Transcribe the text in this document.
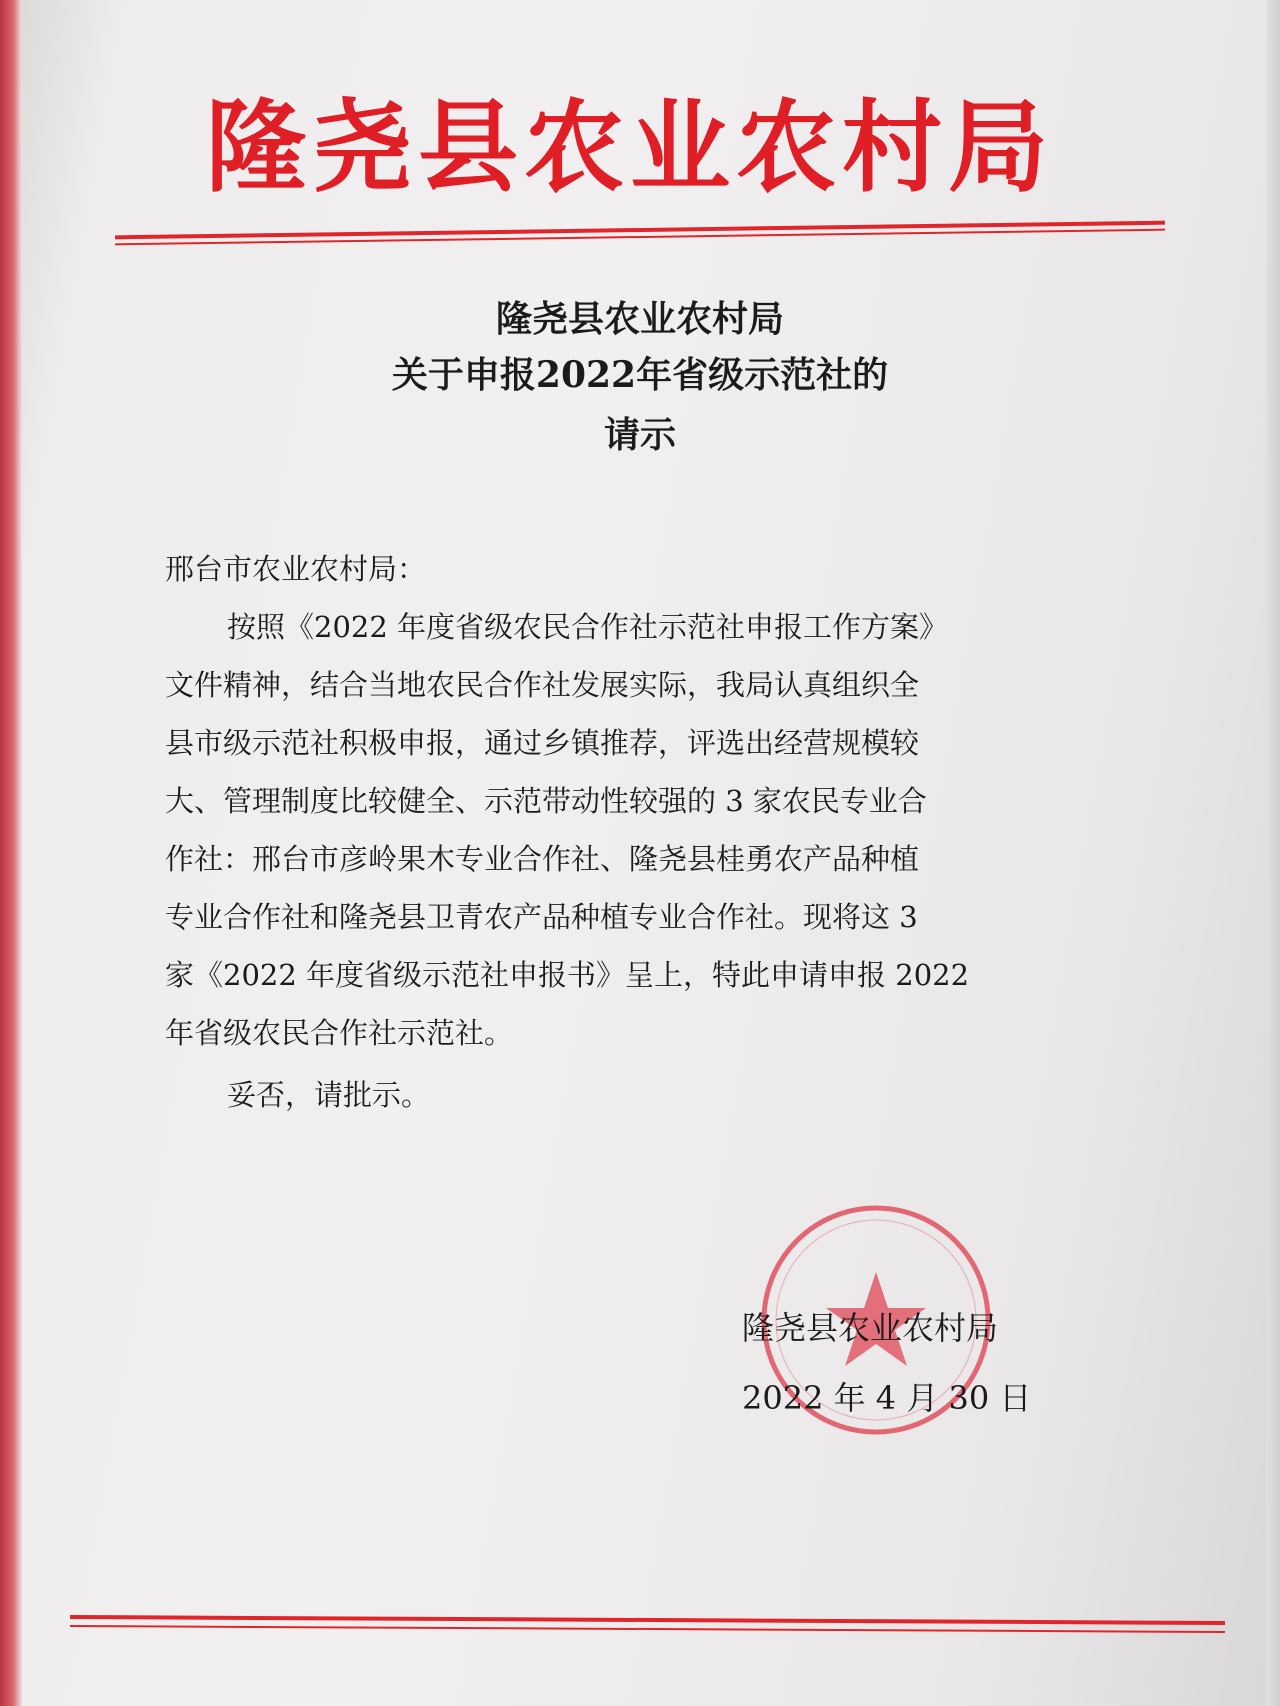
隆尧县农业农村局
隆尧县农业农村局
关于申报2022年省级示范社的
请示

邢台市农业农村局：

按照《2022 年度省级农民合作社示范社申报工作方案》

文件精神，结合当地农民合作社发展实际，我局认真组织全

县市级示范社积极申报，通过乡镇推荐，评选出经营规模较

大、管理制度比较健全、示范带动性较强的 3 家农民专业合

作社：邢台市彦岭果木专业合作社、隆尧县桂勇农产品种植

专业合作社和隆尧县卫青农产品种植专业合作社。现将这 3

家《2022 年度省级示范社申报书》呈上，特此申请申报 2022

年省级农民合作社示范社。

妥否，请批示。

隆尧县农业农村局
2022 年 4 月 30 日
